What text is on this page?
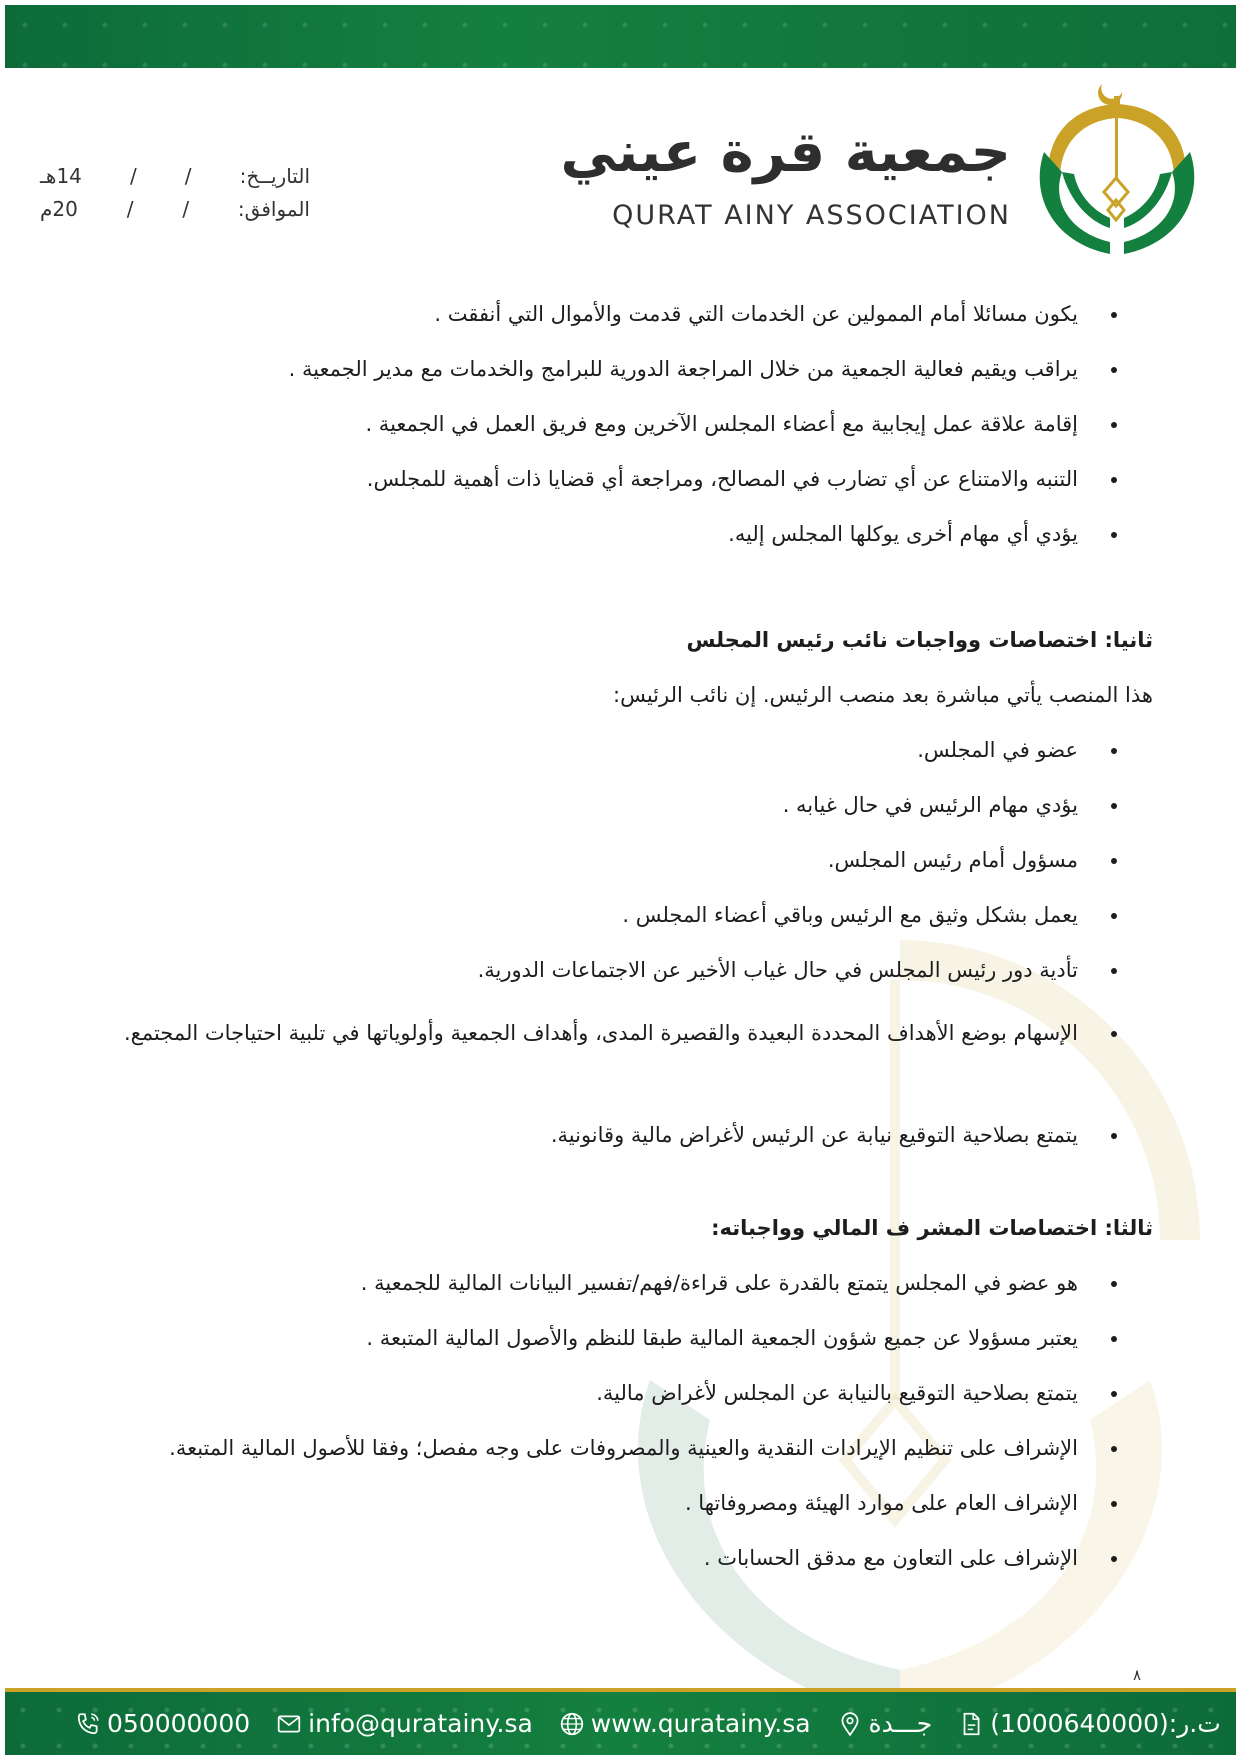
جمعية قرة عيني
QURAT AINY ASSOCIATION
التاريــخ:
/
/
14هـ
الموافق:
/
/
20م
• يكون مسائلا أمام الممولين عن الخدمات التي قدمت والأموال التي أنفقت .
• يراقب ويقيم فعالية الجمعية من خلال المراجعة الدورية للبرامج والخدمات مع مدير الجمعية .
• إقامة علاقة عمل إيجابية مع أعضاء المجلس الآخرين ومع فريق العمل في الجمعية .
• التنبه والامتناع عن أي تضارب في المصالح، ومراجعة أي قضايا ذات أهمية للمجلس.
• يؤدي أي مهام أخرى يوكلها المجلس إليه.
ثانيا: اختصاصات وواجبات نائب رئيس المجلس
هذا المنصب يأتي مباشرة بعد منصب الرئيس. إن نائب الرئيس:
• عضو في المجلس.
• يؤدي مهام الرئيس في حال غيابه .
• مسؤول أمام رئيس المجلس.
• يعمل بشكل وثيق مع الرئيس وباقي أعضاء المجلس .
• تأدية دور رئيس المجلس في حال غياب الأخير عن الاجتماعات الدورية.
• الإسهام بوضع الأهداف المحددة البعيدة والقصيرة المدى، وأهداف الجمعية وأولوياتها في تلبية احتياجات المجتمع.
• يتمتع بصلاحية التوقيع نيابة عن الرئيس لأغراض مالية وقانونية.
ثالثا: اختصاصات المشر ف المالي وواجباته:
• هو عضو في المجلس يتمتع بالقدرة على قراءة/فهم/تفسير البيانات المالية للجمعية .
• يعتبر مسؤولا عن جميع شؤون الجمعية المالية طبقا للنظم والأصول المالية المتبعة .
• يتمتع بصلاحية التوقيع بالنيابة عن المجلس لأغراض مالية.
• الإشراف على تنظيم الإيرادات النقدية والعينية والمصروفات على وجه مفصل؛ وفقا للأصول المالية المتبعة.
• الإشراف العام على موارد الهيئة ومصروفاتها .
• الإشراف على التعاون مع مدقق الحسابات .
٨
050000000 info@quratainy.sa www.quratainy.sa جـــدة ت.ر:(1000640000)
